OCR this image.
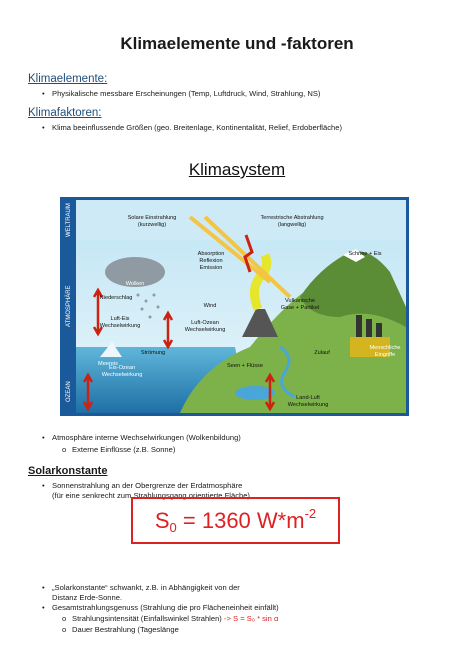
Klimaelemente und -faktoren
Klimaelemente:
• Physikalische messbare Erscheinungen (Temp, Luftdruck, Wind, Strahlung, NS)
Klimafaktoren:
• Klima beeinflussende Größen (geo. Breitenlage, Kontinentalität, Relief, Erdoberfläche)
Klimasystem
WELTRAUM
ATMOSPHÄRE
OZEAN
Solare Einstrahlung
(kurzwellig)
Terrestrische Abstrahlung
(langwellig)
Absorption
Reflexion
Emission
Schnee + Eis
Wolken
Niederschlag
Wind
Vulkanische
Gase + Partikel
Luft-Eis
Wechselwirkung	Luft-Ozean
Wechselwirkung
Meereis
Strömung	Zulauf
Menschliche
Eingriffe
Eis-Ozean
Wechselwirkung
Seen + Flüsse
Land-Luft
Wechselwirkung
• Atmosphäre interne Wechselwirkungen (Wolkenbildung)
o Externe Einflüsse (z.B. Sonne)
Solarkonstante
• Sonnenstrahlung an der Obergrenze der Erdatmosphäre
(für eine senkrecht zum Strahlungsgang orientierte Fläche)
$S_0 = 1360$ $W*m^{-2}$
• „Solarkonstante“ schwankt, z.B. in Abhängigkeit von der
Distanz Erde-Sonne.
• Gesamtstrahlungsgenuss (Strahlung die pro Flächeneinheit einfällt)
o Strahlungsintensität (Einfallswinkel Strahlen) -> S = S₀ * sin α
o Dauer Bestrahlung (Tageslänge
